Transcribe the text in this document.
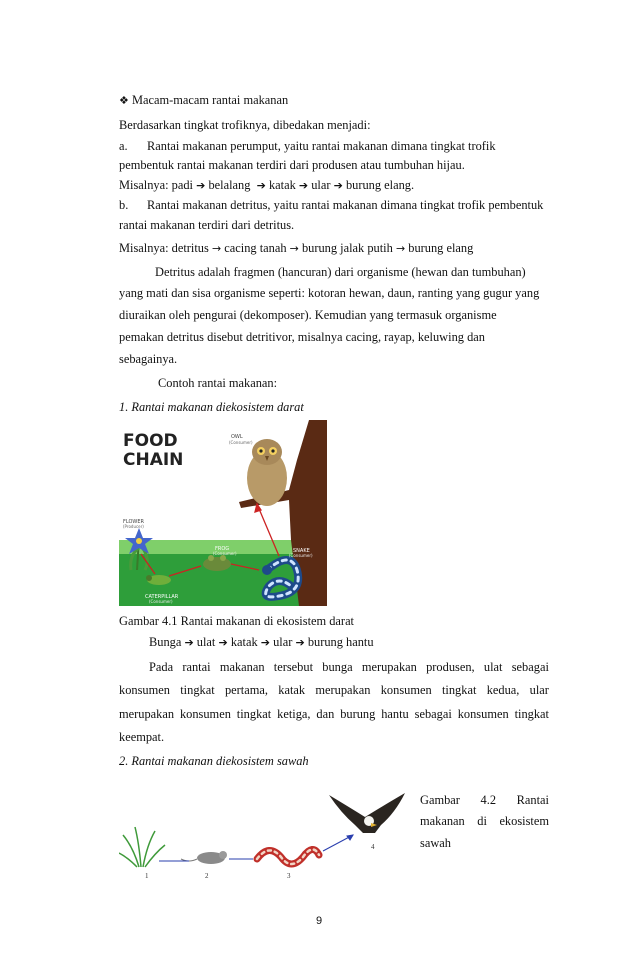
❖ Macam-macam rantai makanan
Berdasarkan tingkat trofiknya, dibedakan menjadi:
a. Rantai makanan perumput, yaitu rantai makanan dimana tingkat trofik
pembentuk rantai makanan terdiri dari produsen atau tumbuhan hijau.
Misalnya: padi ➔ belalang ➔ katak ➔ ular ➔ burung elang.
b. Rantai makanan detritus, yaitu rantai makanan dimana tingkat trofik pembentuk
rantai makanan terdiri dari detritus.
Misalnya: detritus → cacing tanah → burung jalak putih → burung elang
Detritus adalah fragmen (hancuran) dari organisme (hewan dan tumbuhan)
yang mati dan sisa organisme seperti: kotoran hewan, daun, ranting yang gugur yang
diuraikan oleh pengurai (dekomposer). Kemudian yang termasuk organisme
pemakan detritus disebut detritivor, misalnya cacing, rayap, keluwing dan
sebagainya.
Contoh rantai makanan:
1. Rantai makanan diekosistem darat
FOOD
CHAIN
OWL
(Consumer)
FLOWER
(Producer)
FROG
(Consumer)	SNAKE
(Consumer)
CATERPILLAR
(Consumer)
Gambar 4.1 Rantai makanan di ekosistem darat
Bunga ➔ ulat ➔ katak ➔ ular ➔ burung hantu
Pada rantai makanan tersebut bunga merupakan produsen, ulat sebagai
konsumen tingkat pertama, katak merupakan konsumen tingkat kedua, ular
merupakan konsumen tingkat ketiga, dan burung hantu sebagai konsumen tingkat
keempat.
2. Rantai makanan diekosistem sawah
1	2	3
4
Gambar 4.2 Rantai
makanan di ekosistem
sawah
9
